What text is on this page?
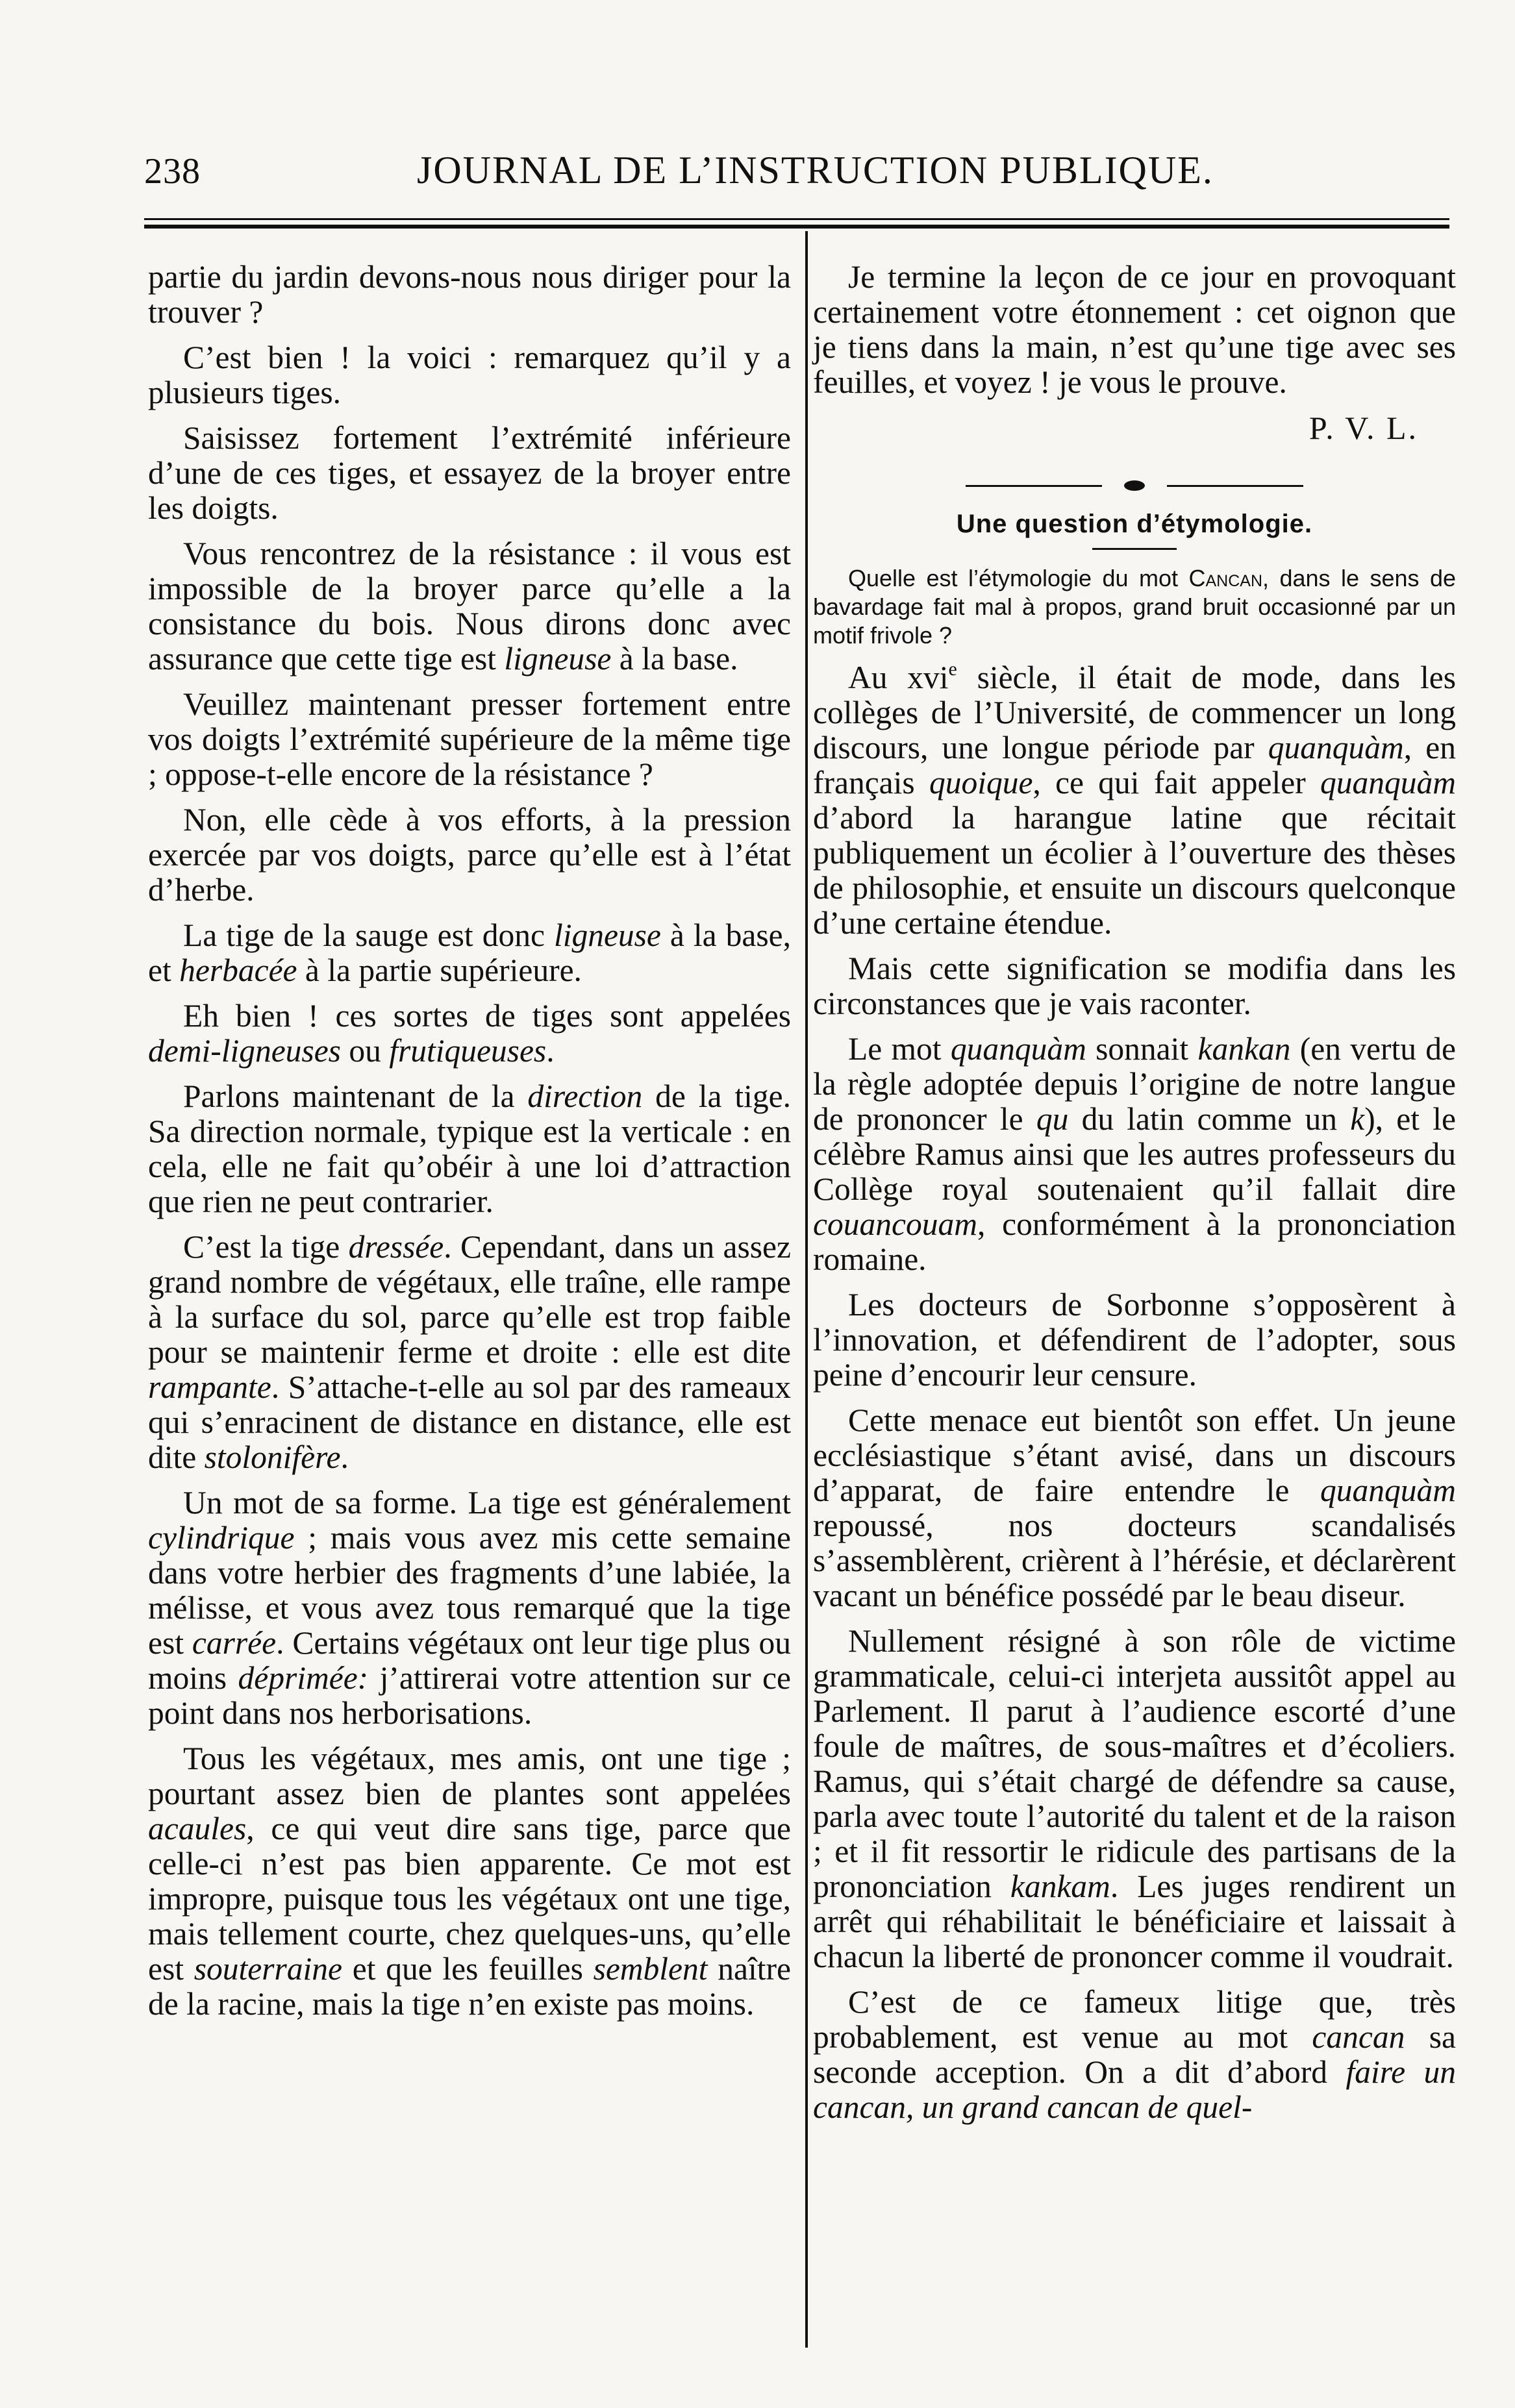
238	JOURNAL DE L’INSTRUCTION PUBLIQUE.

partie du jardin devons-nous nous diriger pour la trouver ?

C’est bien ! la voici : remarquez qu’il y a plusieurs tiges.

Saisissez fortement l’extrémité inférieure d’une de ces tiges, et essayez de la broyer entre les doigts.

Vous rencontrez de la résistance : il vous est impossible de la broyer parce qu’elle a la consistance du bois. Nous dirons donc avec assurance que cette tige est ligneuse à la base.

Veuillez maintenant presser fortement entre vos doigts l’extrémité supérieure de la même tige ; oppose-t-elle encore de la résistance ?

Non, elle cède à vos efforts, à la pression exercée par vos doigts, parce qu’elle est à l’état d’herbe.

La tige de la sauge est donc ligneuse à la base, et herbacée à la partie supérieure.

Eh bien ! ces sortes de tiges sont appelées demi-ligneuses ou frutiqueuses.

Parlons maintenant de la direction de la tige. Sa direction normale, typique est la verticale : en cela, elle ne fait qu’obéir à une loi d’attraction que rien ne peut contrarier.

C’est la tige dressée. Cependant, dans un assez grand nombre de végétaux, elle traîne, elle rampe à la surface du sol, parce qu’elle est trop faible pour se maintenir ferme et droite : elle est dite rampante. S’attache-t-elle au sol par des rameaux qui s’enracinent de distance en distance, elle est dite stolonifère.

Un mot de sa forme. La tige est généralement cylindrique ; mais vous avez mis cette semaine dans votre herbier des fragments d’une labiée, la mélisse, et vous avez tous remarqué que la tige est carrée. Certains végétaux ont leur tige plus ou moins déprimée: j’attirerai votre attention sur ce point dans nos herborisations.

Tous les végétaux, mes amis, ont une tige ; pourtant assez bien de plantes sont appelées acaules, ce qui veut dire sans tige, parce que celle-ci n’est pas bien apparente. Ce mot est impropre, puisque tous les végétaux ont une tige, mais tellement courte, chez quelques-uns, qu’elle est souterraine et que les feuilles semblent naître de la racine, mais la tige n’en existe pas moins.

Je termine la leçon de ce jour en provoquant certainement votre étonnement : cet oignon que je tiens dans la main, n’est qu’une tige avec ses feuilles, et voyez ! je vous le prouve.

P. V. L.

Une question d’étymologie.

Quelle est l’étymologie du mot Cancan, dans le sens de bavardage fait mal à propos, grand bruit occasionné par un motif frivole ?

Au xvi$^e$ siècle, il était de mode, dans les collèges de l’Université, de commencer un long discours, une longue période par quanquàm, en français quoique, ce qui fait appeler quanquàm d’abord la harangue latine que récitait publiquement un écolier à l’ouverture des thèses de philosophie, et ensuite un discours quelconque d’une certaine étendue.

Mais cette signification se modifia dans les circonstances que je vais raconter.

Le mot quanquàm sonnait kankan (en vertu de la règle adoptée depuis l’origine de notre langue de prononcer le qu du latin comme un k), et le célèbre Ramus ainsi que les autres professeurs du Collège royal soutenaient qu’il fallait dire couancouam, conformément à la prononciation romaine.

Les docteurs de Sorbonne s’opposèrent à l’innovation, et défendirent de l’adopter, sous peine d’encourir leur censure.

Cette menace eut bientôt son effet. Un jeune ecclésiastique s’étant avisé, dans un discours d’apparat, de faire entendre le quanquàm repoussé, nos docteurs scandalisés s’assemblèrent, crièrent à l’hérésie, et déclarèrent vacant un bénéfice possédé par le beau diseur.

Nullement résigné à son rôle de victime grammaticale, celui-ci interjeta aussitôt appel au Parlement. Il parut à l’audience escorté d’une foule de maîtres, de sous-maîtres et d’écoliers. Ramus, qui s’était chargé de défendre sa cause, parla avec toute l’autorité du talent et de la raison ; et il fit ressortir le ridicule des partisans de la prononciation kankam. Les juges rendirent un arrêt qui réhabilitait le bénéficiaire et laissait à chacun la liberté de prononcer comme il voudrait.

C’est de ce fameux litige que, très probablement, est venue au mot cancan sa seconde acception. On a dit d’abord faire un cancan, un grand cancan de quel-
